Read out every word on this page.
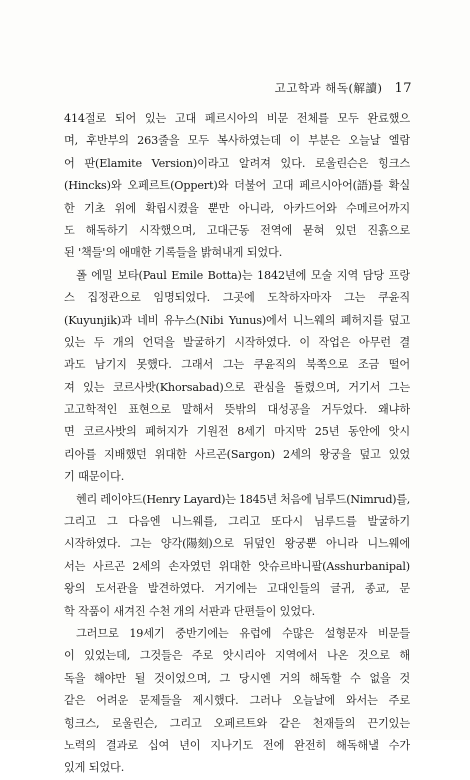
고고학과 해독(解讀) 17
414절로 되어 있는 고대 페르시아의 비문 전체를 모두 완료했으
며, 후반부의 263줄을 모두 복사하였는데 이 부분은 오늘날 엘람
어 판(Elamite Version)이라고 알려져 있다. 로울린슨은 힝크스
(Hincks)와 오페르트(Oppert)와 더불어 고대 페르시아어(語)를 확실
한 기초 위에 확립시켰을 뿐만 아니라, 아카드어와 수메르어까지
도 해독하기 시작했으며, 고대근동 전역에 묻혀 있던 진흙으로
된 '책들'의 애매한 기록들을 밝혀내게 되었다.
폴 에밀 보타(Paul Emile Botta)는 1842년에 모술 지역 담당 프랑
스 집정관으로 임명되었다. 그곳에 도착하자마자 그는 쿠윤직
(Kuyunjik)과 네비 유누스(Nibi Yunus)에서 니느웨의 폐허지를 덮고
있는 두 개의 언덕을 발굴하기 시작하였다. 이 작업은 아무런 결
과도 남기지 못했다. 그래서 그는 쿠윤직의 북쪽으로 조금 떨어
져 있는 코르사밧(Khorsabad)으로 관심을 돌렸으며, 거기서 그는
고고학적인 표현으로 말해서 뜻밖의 대성공을 거두었다. 왜냐하
면 코르사밧의 폐허지가 기원전 8세기 마지막 25년 동안에 앗시
리아를 지배했던 위대한 사르곤(Sargon) 2세의 왕궁을 덮고 있었
기 때문이다.
헨리 레이야드(Henry Layard)는 1845년 처음에 님루드(Nimrud)를,
그리고 그 다음엔 니느웨를, 그리고 또다시 님루드를 발굴하기
시작하였다. 그는 양각(陽刻)으로 뒤덮인 왕궁뿐 아니라 니느웨에
서는 사르곤 2세의 손자였던 위대한 앗슈르바니팔(Asshurbanipal)
왕의 도서관을 발견하였다. 거기에는 고대인들의 글귀, 종교, 문
학 작품이 새겨진 수천 개의 서판과 단편들이 있었다.
그러므로 19세기 중반기에는 유럽에 수많은 설형문자 비문들
이 있었는데, 그것들은 주로 앗시리아 지역에서 나온 것으로 해
독을 해야만 될 것이었으며, 그 당시엔 거의 해독할 수 없을 것
같은 어려운 문제들을 제시했다. 그러나 오늘날에 와서는 주로
힝크스, 로울린슨, 그리고 오페르트와 같은 천재들의 끈기있는
노력의 결과로 십여 년이 지나기도 전에 완전히 해독해낼 수가
있게 되었다.
